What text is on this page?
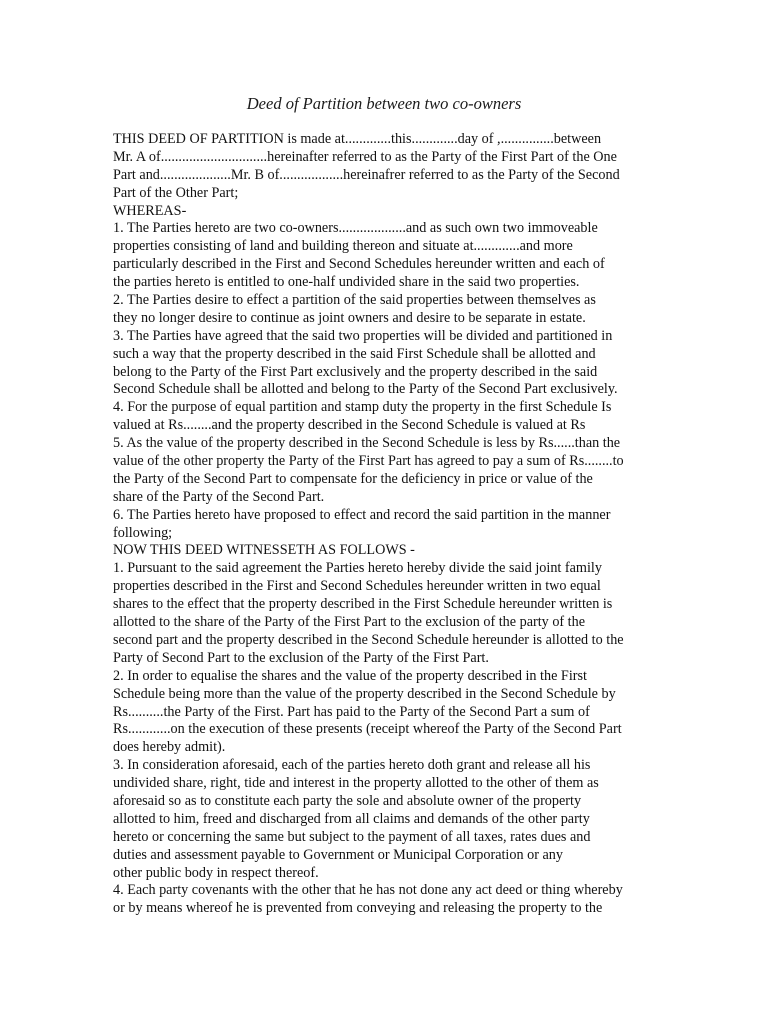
Deed of Partition between two co-owners
THIS DEED OF PARTITION is made at.............this.............day of ,...............between
Mr. A of..............................hereinafter referred to as the Party of the First Part of the One
Part and....................Mr. B of..................hereinafrer referred to as the Party of the Second
Part of the Other Part;
WHEREAS-
1. The Parties hereto are two co-owners...................and as such own two immoveable
properties consisting of land and building thereon and situate at.............and more
particularly described in the First and Second Schedules hereunder written and each of
the parties hereto is entitled to one-half undivided share in the said two properties.
2. The Parties desire to effect a partition of the said properties between themselves as
they no longer desire to continue as joint owners and desire to be separate in estate.
3. The Parties have agreed that the said two properties will be divided and partitioned in
such a way that the property described in the said First Schedule shall be allotted and
belong to the Party of the First Part exclusively and the property described in the said
Second Schedule shall be allotted and belong to the Party of the Second Part exclusively.
4. For the purpose of equal partition and stamp duty the property in the first Schedule Is
valued at Rs........and the property described in the Second Schedule is valued at Rs
5. As the value of the property described in the Second Schedule is less by Rs......than the
value of the other property the Party of the First Part has agreed to pay a sum of Rs........to
the Party of the Second Part to compensate for the deficiency in price or value of the
share of the Party of the Second Part.
6. The Parties hereto have proposed to effect and record the said partition in the manner
following;
NOW THIS DEED WITNESSETH AS FOLLOWS -
1. Pursuant to the said agreement the Parties hereto hereby divide the said joint family
properties described in the First and Second Schedules hereunder written in two equal
shares to the effect that the property described in the First Schedule hereunder written is
allotted to the share of the Party of the First Part to the exclusion of the party of the
second part and the property described in the Second Schedule hereunder is allotted to the
Party of Second Part to the exclusion of the Party of the First Part.
2. In order to equalise the shares and the value of the property described in the First
Schedule being more than the value of the property described in the Second Schedule by
Rs..........the Party of the First. Part has paid to the Party of the Second Part a sum of
Rs............on the execution of these presents (receipt whereof the Party of the Second Part
does hereby admit).
3. In consideration aforesaid, each of the parties hereto doth grant and release all his
undivided share, right, tide and interest in the property allotted to the other of them as
aforesaid so as to constitute each party the sole and absolute owner of the property
allotted to him, freed and discharged from all claims and demands of the other party
hereto or concerning the same but subject to the payment of all taxes, rates dues and
duties and assessment payable to Government or Municipal Corporation or any
other public body in respect thereof.
4. Each party covenants with the other that he has not done any act deed or thing whereby
or by means whereof he is prevented from conveying and releasing the property to the
